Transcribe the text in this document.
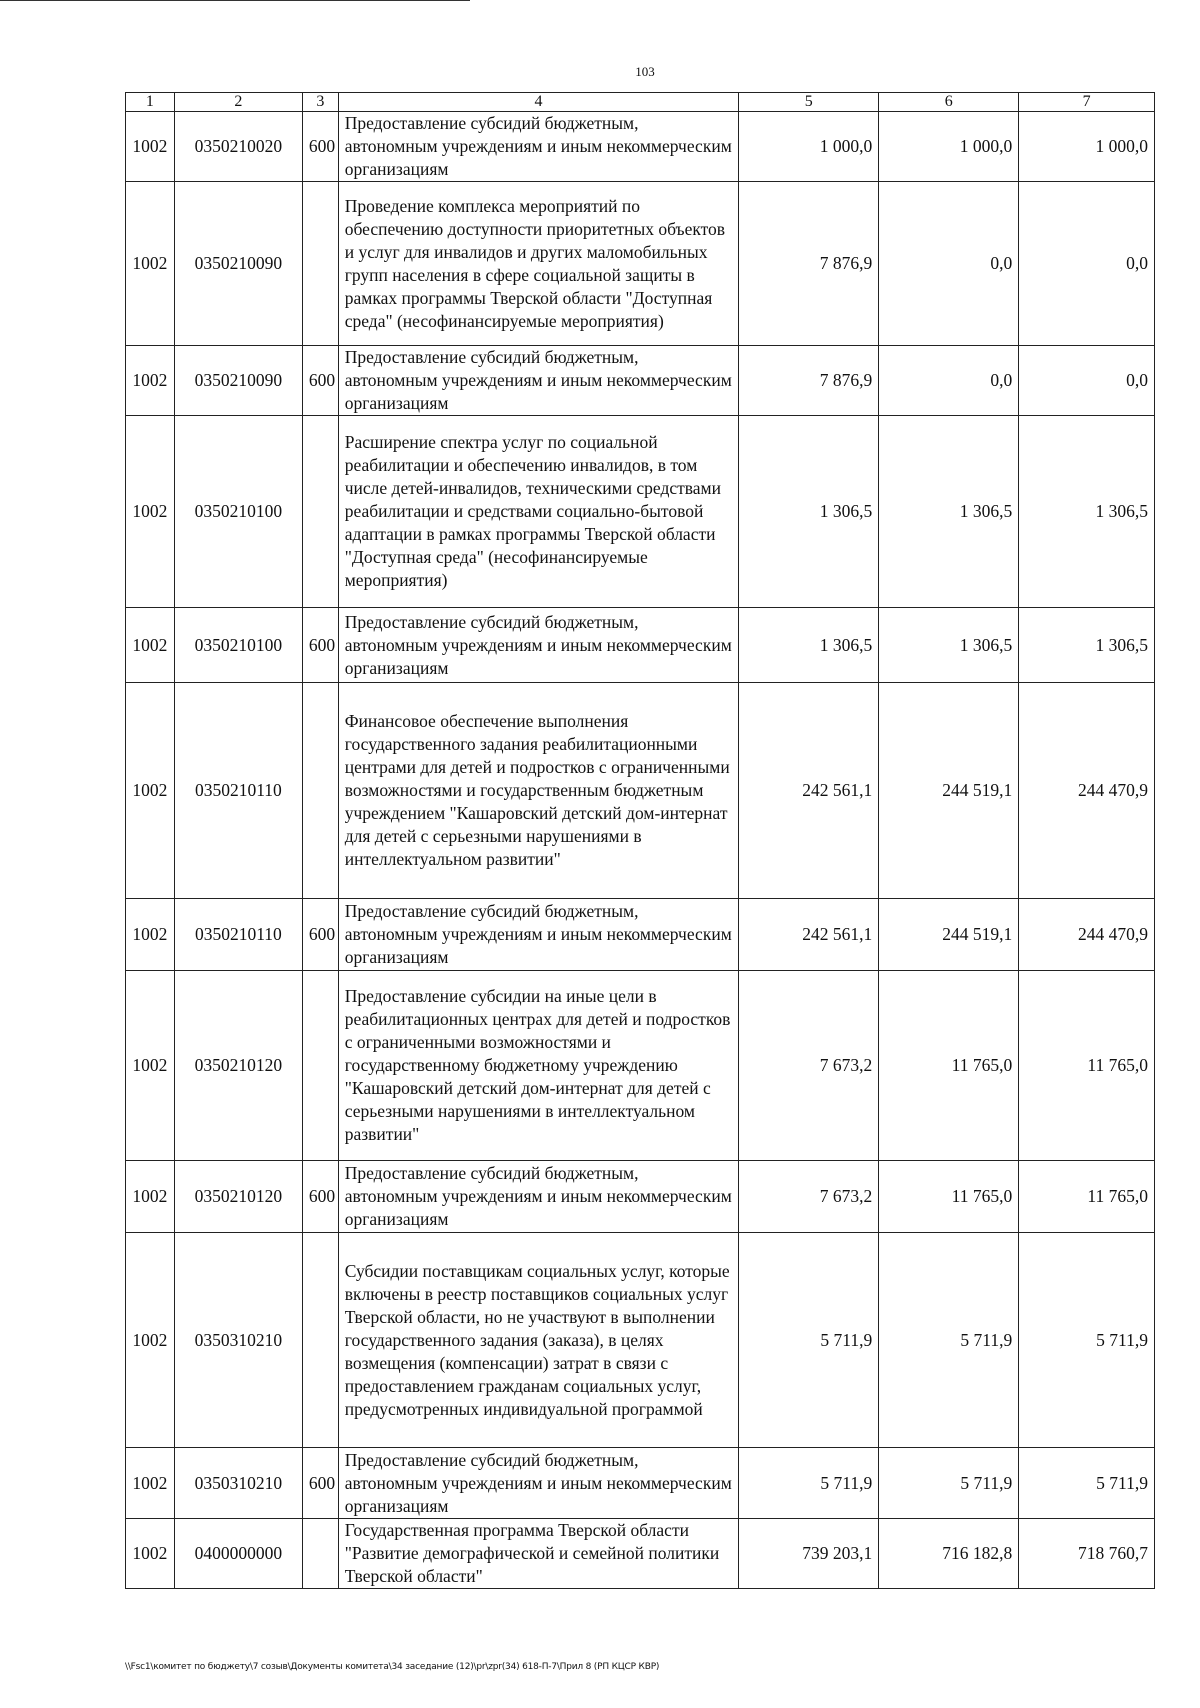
103
1	2	3	4	5	6	7
1002	0350210020	600	Предоставление субсидий бюджетным, автономным учреждениям и иным некоммерческим организациям	1 000,0	1 000,0	1 000,0
1002	0350210090		Проведение комплекса мероприятий по обеспечению доступности приоритетных объектов и услуг для инвалидов и других маломобильных групп населения в сфере социальной защиты в рамках программы Тверской области "Доступная среда" (несофинансируемые мероприятия)	7 876,9	0,0	0,0
1002	0350210090	600	Предоставление субсидий бюджетным, автономным учреждениям и иным некоммерческим организациям	7 876,9	0,0	0,0
1002	0350210100		Расширение спектра услуг по социальной реабилитации и обеспечению инвалидов, в том числе детей-инвалидов, техническими средствами реабилитации и средствами социально-бытовой адаптации в рамках программы Тверской области "Доступная среда" (несофинансируемые мероприятия)	1 306,5	1 306,5	1 306,5
1002	0350210100	600	Предоставление субсидий бюджетным, автономным учреждениям и иным некоммерческим организациям	1 306,5	1 306,5	1 306,5
1002	0350210110		Финансовое обеспечение выполнения государственного задания реабилитационными центрами для детей и подростков с ограниченными возможностями и государственным бюджетным учреждением "Кашаровский детский дом-интернат для детей с серьезными нарушениями в интеллектуальном развитии"	242 561,1	244 519,1	244 470,9
1002	0350210110	600	Предоставление субсидий бюджетным, автономным учреждениям и иным некоммерческим организациям	242 561,1	244 519,1	244 470,9
1002	0350210120		Предоставление субсидии на иные цели в реабилитационных центрах для детей и подростков с ограниченными возможностями и государственному бюджетному учреждению "Кашаровский детский дом-интернат для детей с серьезными нарушениями в интеллектуальном развитии"	7 673,2	11 765,0	11 765,0
1002	0350210120	600	Предоставление субсидий бюджетным, автономным учреждениям и иным некоммерческим организациям	7 673,2	11 765,0	11 765,0
1002	0350310210		Субсидии поставщикам социальных услуг, которые включены в реестр поставщиков социальных услуг Тверской области, но не участвуют в выполнении государственного задания (заказа), в целях возмещения (компенсации) затрат в связи с предоставлением гражданам социальных услуг, предусмотренных индивидуальной программой	5 711,9	5 711,9	5 711,9
1002	0350310210	600	Предоставление субсидий бюджетным, автономным учреждениям и иным некоммерческим организациям	5 711,9	5 711,9	5 711,9
1002	0400000000		Государственная программа Тверской области "Развитие демографической и семейной политики Тверской области"	739 203,1	716 182,8	718 760,7
\\Fsc1\комитет по бюджету\7 созыв\Документы комитета\34 заседание (12)\pr\zpr(34) 618-П-7\Прил 8 (РП КЦСР КВР)
